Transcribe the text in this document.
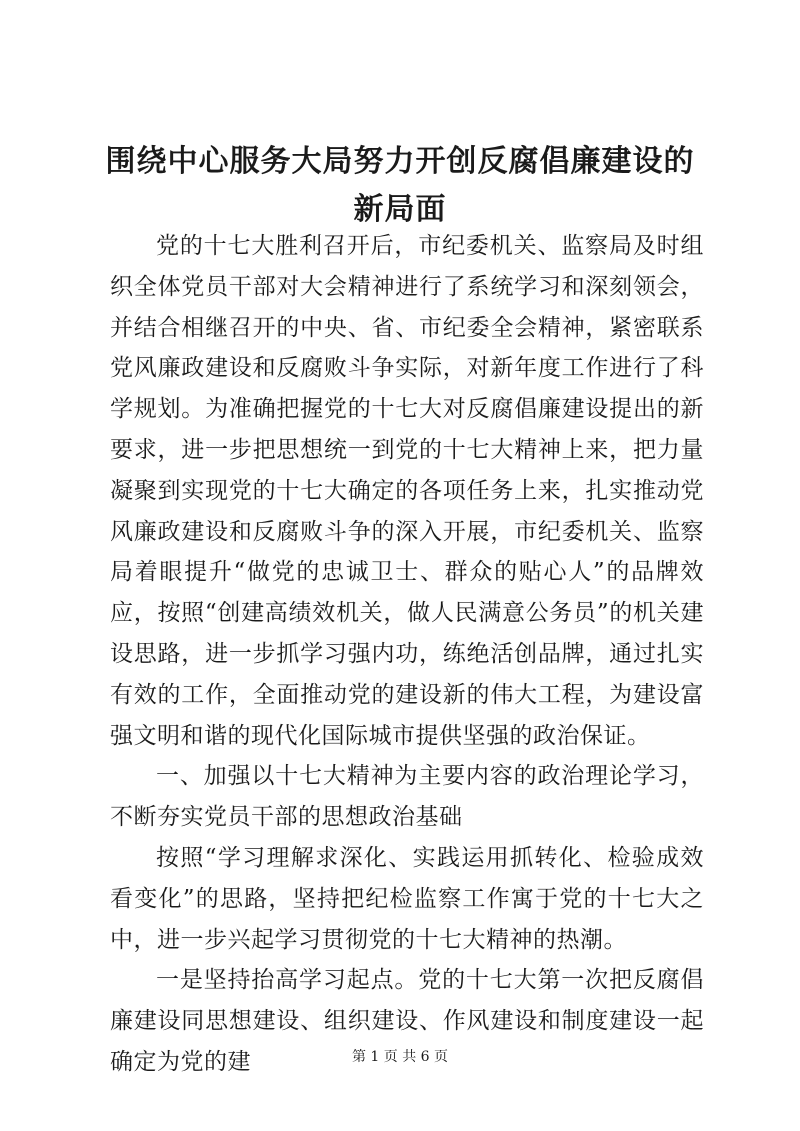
围绕中心服务大局努力开创反腐倡廉建设的新局面

党的十七大胜利召开后，市纪委机关、监察局及时组织全体党员干部对大会精神进行了系统学习和深刻领会，并结合相继召开的中央、省、市纪委全会精神，紧密联系党风廉政建设和反腐败斗争实际，对新年度工作进行了科学规划。为准确把握党的十七大对反腐倡廉建设提出的新要求，进一步把思想统一到党的十七大精神上来，把力量凝聚到实现党的十七大确定的各项任务上来，扎实推动党风廉政建设和反腐败斗争的深入开展，市纪委机关、监察局着眼提升“做党的忠诚卫士、群众的贴心人”的品牌效应，按照“创建高绩效机关，做人民满意公务员”的机关建设思路，进一步抓学习强内功，练绝活创品牌，通过扎实有效的工作，全面推动党的建设新的伟大工程，为建设富强文明和谐的现代化国际城市提供坚强的政治保证。

一、加强以十七大精神为主要内容的政治理论学习，不断夯实党员干部的思想政治基础

按照“学习理解求深化、实践运用抓转化、检验成效看变化”的思路，坚持把纪检监察工作寓于党的十七大之中，进一步兴起学习贯彻党的十七大精神的热潮。

一是坚持抬高学习起点。党的十七大第一次把反腐倡廉建设同思想建设、组织建设、作风建设和制度建设一起确定为党的建	第 1 页 共 6 页
